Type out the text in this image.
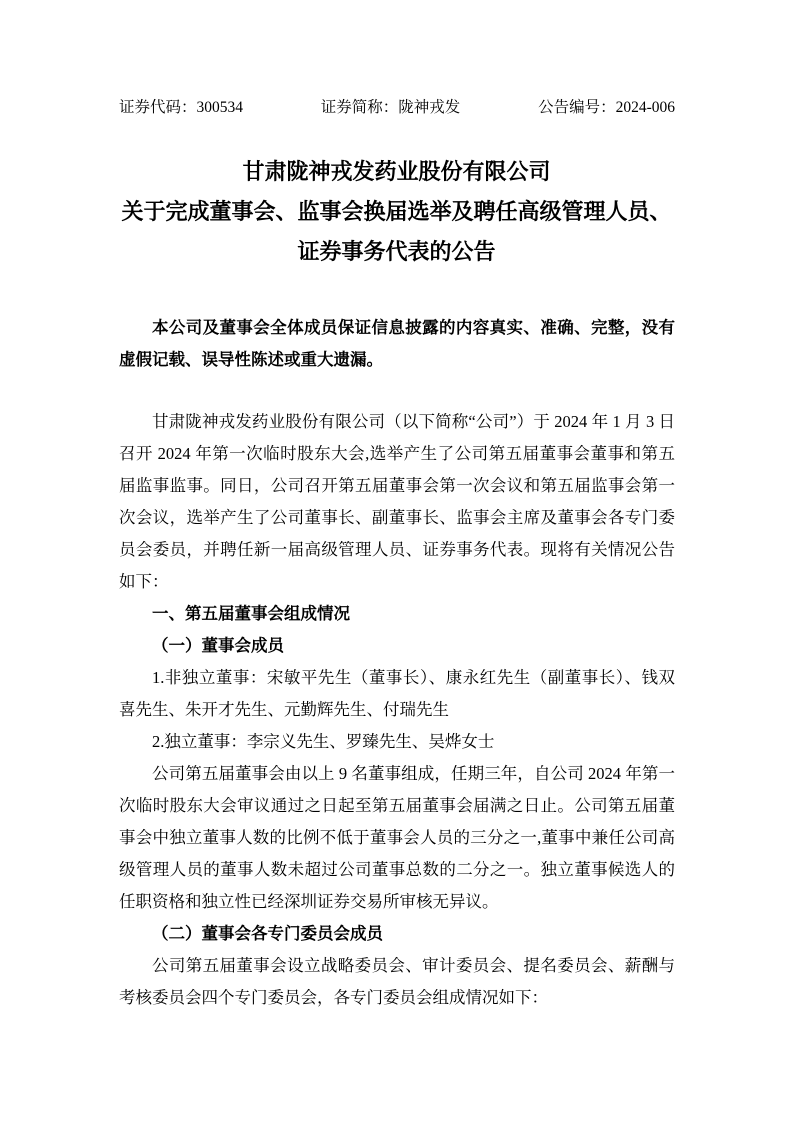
证券代码：300534	证券简称：陇神戎发	公告编号：2024-006
甘肃陇神戎发药业股份有限公司
关于完成董事会、监事会换届选举及聘任高级管理人员、
证券事务代表的公告
本公司及董事会全体成员保证信息披露的内容真实、准确、完整，没有虚假记载、误导性陈述或重大遗漏。

甘肃陇神戎发药业股份有限公司（以下简称“公司”）于 2024 年 1 月 3 日召开 2024 年第一次临时股东大会,选举产生了公司第五届董事会董事和第五届监事监事。同日，公司召开第五届董事会第一次会议和第五届监事会第一次会议，选举产生了公司董事长、副董事长、监事会主席及董事会各专门委员会委员，并聘任新一届高级管理人员、证券事务代表。现将有关情况公告如下：

一、第五届董事会组成情况
（一）董事会成员

1.非独立董事：宋敏平先生（董事长）、康永红先生（副董事长）、钱双喜先生、朱开才先生、元勤辉先生、付瑞先生

2.独立董事：李宗义先生、罗臻先生、吴烨女士

公司第五届董事会由以上 9 名董事组成，任期三年，自公司 2024 年第一次临时股东大会审议通过之日起至第五届董事会届满之日止。公司第五届董事会中独立董事人数的比例不低于董事会人员的三分之一,董事中兼任公司高级管理人员的董事人数未超过公司董事总数的二分之一。独立董事候选人的任职资格和独立性已经深圳证券交易所审核无异议。

（二）董事会各专门委员会成员

公司第五届董事会设立战略委员会、审计委员会、提名委员会、薪酬与考核委员会四个专门委员会，各专门委员会组成情况如下：
